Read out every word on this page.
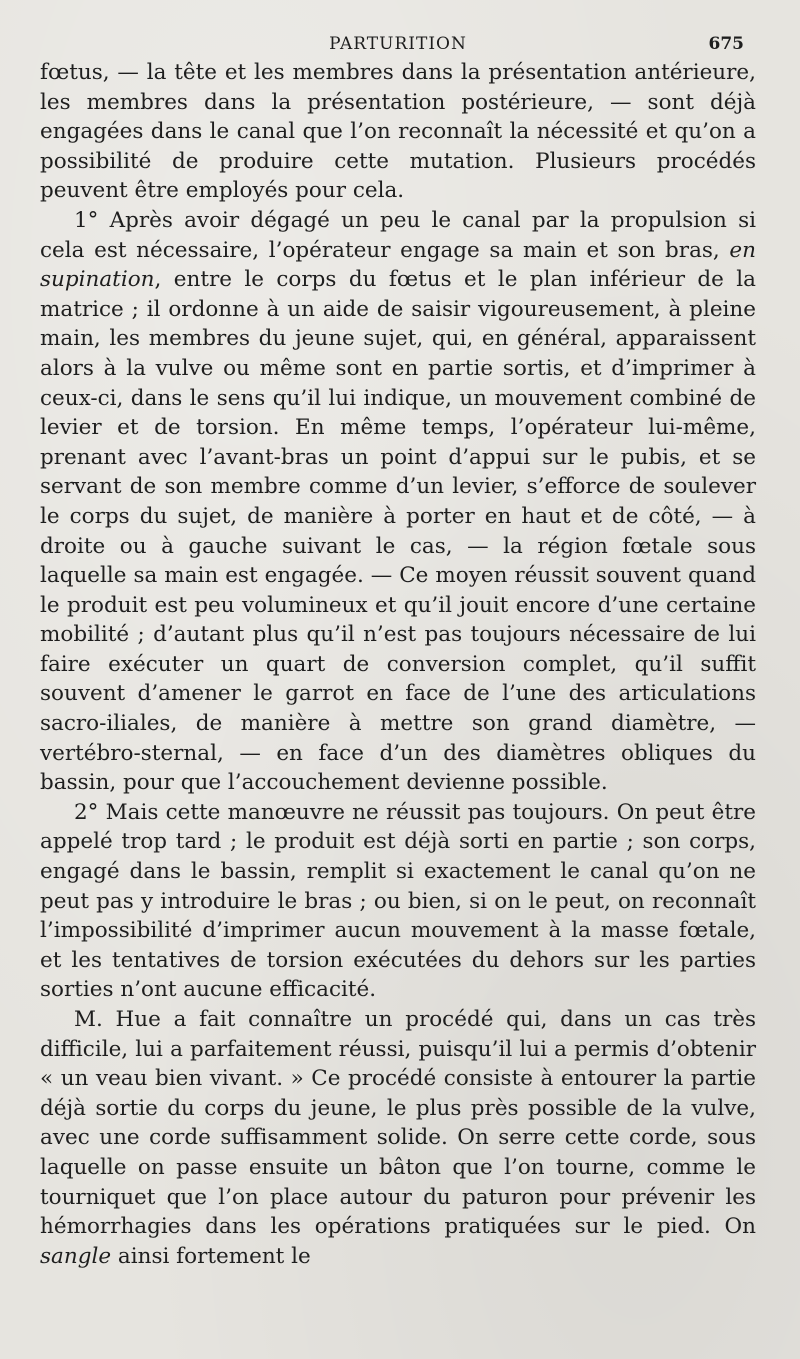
PARTURITION	675

fœtus, — la tête et les membres dans la présentation antérieure, les membres dans la présentation postérieure, — sont déjà engagées dans le canal que l’on reconnaît la nécessité et qu’on a possibilité de produire cette mutation. Plusieurs procédés peuvent être employés pour cela.

1° Après avoir dégagé un peu le canal par la propulsion si cela est nécessaire, l’opérateur engage sa main et son bras, en supination, entre le corps du fœtus et le plan inférieur de la matrice ; il ordonne à un aide de saisir vigoureusement, à pleine main, les membres du jeune sujet, qui, en général, apparaissent alors à la vulve ou même sont en partie sortis, et d’imprimer à ceux-ci, dans le sens qu’il lui indique, un mouvement combiné de levier et de torsion. En même temps, l’opérateur lui-même, prenant avec l’avant-bras un point d’appui sur le pubis, et se servant de son membre comme d’un levier, s’efforce de soulever le corps du sujet, de manière à porter en haut et de côté, — à droite ou à gauche suivant le cas, — la région fœtale sous laquelle sa main est engagée. — Ce moyen réussit souvent quand le produit est peu volumineux et qu’il jouit encore d’une certaine mobilité ; d’autant plus qu’il n’est pas toujours nécessaire de lui faire exécuter un quart de conversion complet, qu’il suffit souvent d’amener le garrot en face de l’une des articulations sacro-iliales, de manière à mettre son grand diamètre, — vertébro-sternal, — en face d’un des diamètres obliques du bassin, pour que l’accouchement devienne possible.

2° Mais cette manœuvre ne réussit pas toujours. On peut être appelé trop tard ; le produit est déjà sorti en partie ; son corps, engagé dans le bassin, remplit si exactement le canal qu’on ne peut pas y introduire le bras ; ou bien, si on le peut, on reconnaît l’impossibilité d’imprimer aucun mouvement à la masse fœtale, et les tentatives de torsion exécutées du dehors sur les parties sorties n’ont aucune efficacité.

M. Hue a fait connaître un procédé qui, dans un cas très difficile, lui a parfaitement réussi, puisqu’il lui a permis d’obtenir « un veau bien vivant. » Ce procédé consiste à entourer la partie déjà sortie du corps du jeune, le plus près possible de la vulve, avec une corde suffisamment solide. On serre cette corde, sous laquelle on passe ensuite un bâton que l’on tourne, comme le tourniquet que l’on place autour du paturon pour prévenir les hémorrhagies dans les opérations pratiquées sur le pied. On sangle ainsi fortement le
